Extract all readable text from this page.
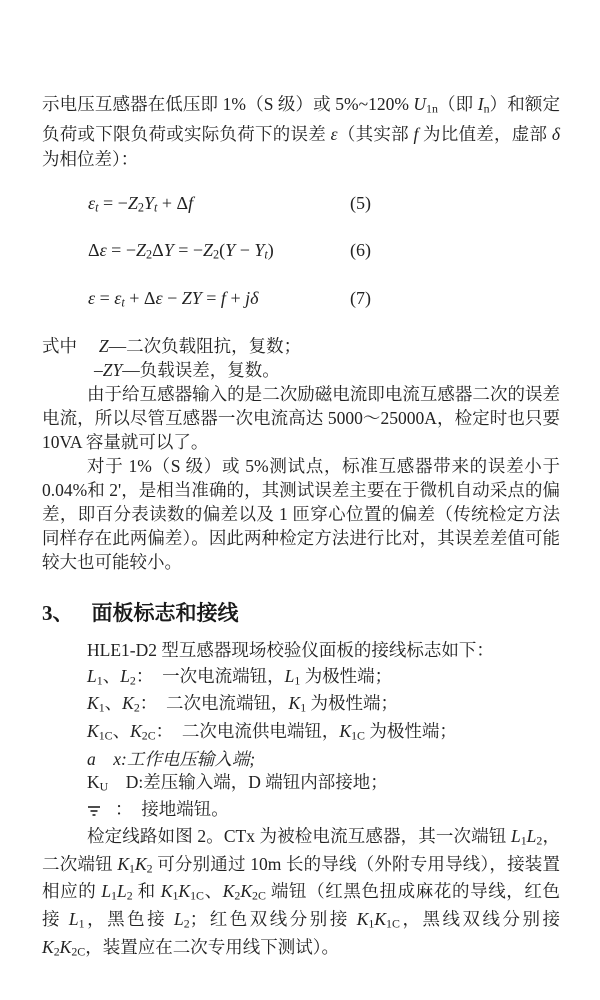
示电压互感器在低压即 1%（S 级）或 5%~120% U1n（即 In）和额定负荷或下限负荷或实际负荷下的误差 ε（其实部 f 为比值差，虚部 δ 为相位差）：

εt = −Z2Yt + Δf	(5)
Δε = −Z2ΔY = −Z2(Y − Yt)	(6)
ε = εt + Δε − ZY = f + jδ	(7)
式中　 Z—二次负载阻抗，复数；
–ZY—负载误差，复数。

由于给互感器输入的是二次励磁电流即电流互感器二次的误差电流，所以尽管互感器一次电流高达 5000～25000A，检定时也只要 10VA 容量就可以了。

对于 1%（S 级）或 5%测试点，标准互感器带来的误差小于 0.04%和 2'，是相当准确的，其测试误差主要在于微机自动采点的偏差，即百分表读数的偏差以及 1 匝穿心位置的偏差（传统检定方法同样存在此两偏差）。因此两种检定方法进行比对，其误差差值可能较大也可能较小。

3、 面板标志和接线

HLE1-D2 型互感器现场校验仪面板的接线标志如下：

L1、L2：　一次电流端钮，L1 为极性端；
K1、K2：　二次电流端钮，K1 为极性端；
K1C、K2C：　二次电流供电端钮，K1C 为极性端；
a　 x:工作电压输入端;
KU　D:差压输入端，D 端钮内部接地；
：　接地端钮。

检定线路如图 2。CTx 为被检电流互感器，其一次端钮 L1L2，二次端钮 K1K2 可分别通过 10m 长的导线（外附专用导线），接装置相应的 L1L2 和 K1K1C、K2K2C 端钮（红黑色扭成麻花的导线，红色接 L1，黑色接 L2；红色双线分别接 K1K1C，黑线双线分别接 K2K2C，装置应在二次专用线下测试）。
